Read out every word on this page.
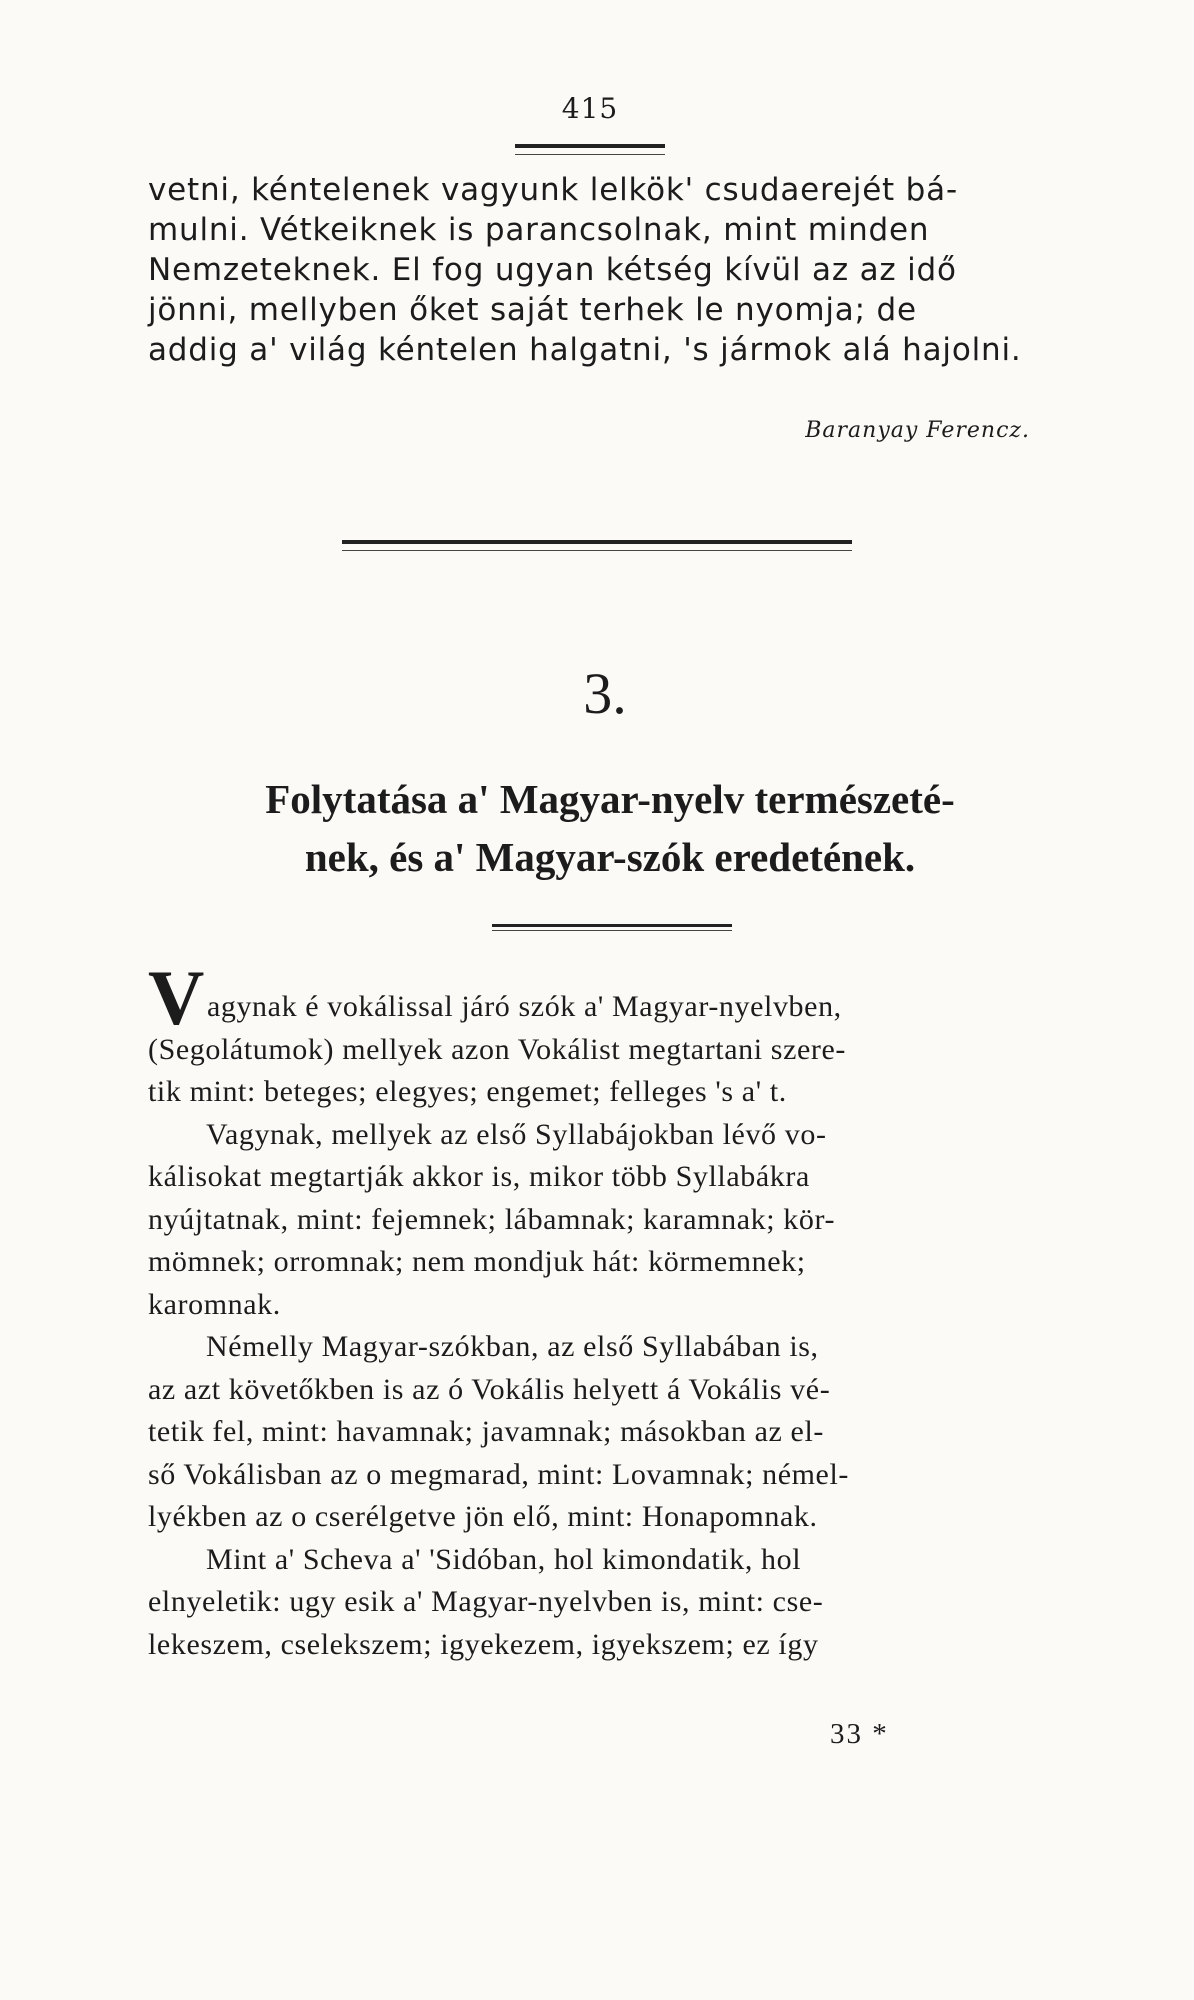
415
vetni, kéntelenek vagyunk lelkök' csudaerejét bá-
mulni. Vétkeiknek is parancsolnak, mint minden
Nemzeteknek. El fog ugyan kétség kívül az az idő
jönni, mellyben őket saját terhek le nyomja; de
addig a' világ kéntelen halgatni, 's jármok alá hajolni.
Baranyay Ferencz.
3.
Folytatása a' Magyar-nyelv természeté-
nek, és a' Magyar-szók eredetének.
Vagynak é vokálissal járó szók a' Magyar-nyelvben,
(Segolátumok) mellyek azon Vokálist megtartani szere-
tik mint: beteges; elegyes; engemet; felleges 's a' t.
Vagynak, mellyek az első Syllabájokban lévő vo-
kálisokat megtartják akkor is, mikor több Syllabákra
nyújtatnak, mint: fejemnek; lábamnak; karamnak; kör-
mömnek; orromnak; nem mondjuk hát: körmemnek;
karomnak.
Némelly Magyar-szókban, az első Syllabában is,
az azt követőkben is az ó Vokális helyett á Vokális vé-
tetik fel, mint: havamnak; javamnak; másokban az el-
ső Vokálisban az o megmarad, mint: Lovamnak; némel-
lyékben az o cserélgetve jön elő, mint: Honapomnak.
Mint a' Scheva a' 'Sidóban, hol kimondatik, hol
elnyeletik: ugy esik a' Magyar-nyelvben is, mint: cse-
lekeszem, cselekszem; igyekezem, igyekszem; ez így
33 *
